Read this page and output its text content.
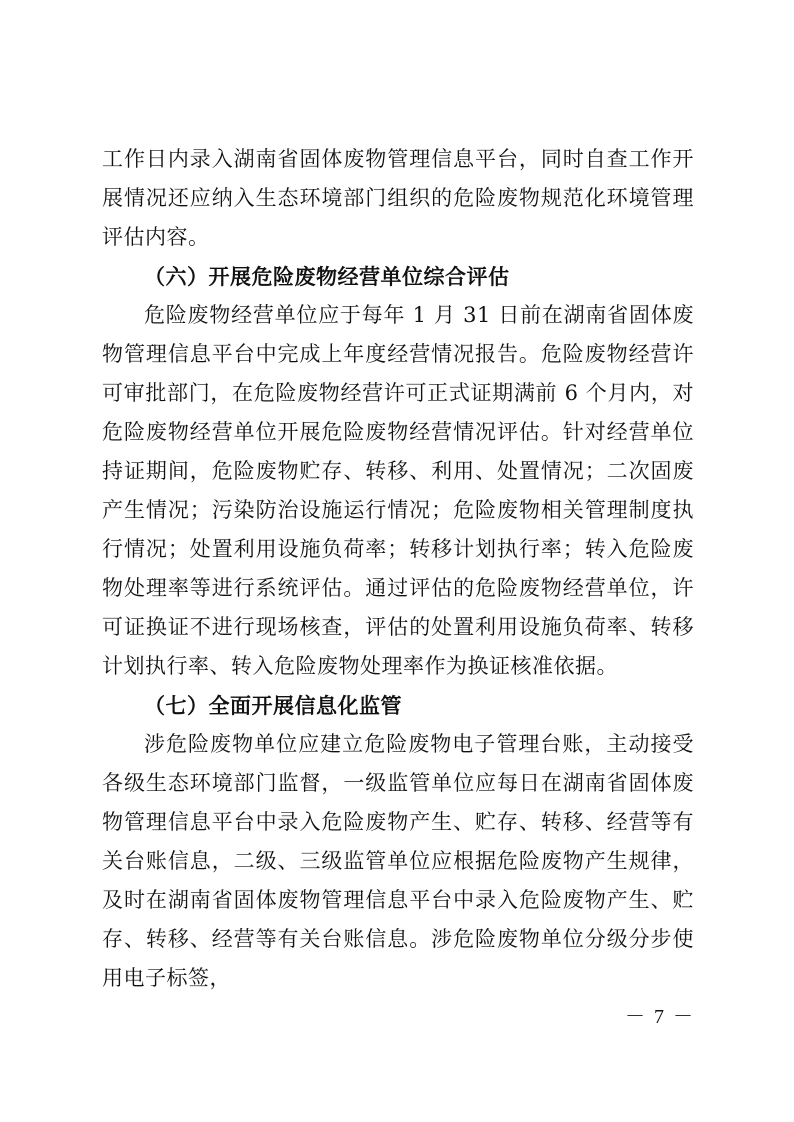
工作日内录入湖南省固体废物管理信息平台，同时自查工作开展情况还应纳入生态环境部门组织的危险废物规范化环境管理评估内容。

（六）开展危险废物经营单位综合评估

危险废物经营单位应于每年 1 月 31 日前在湖南省固体废物管理信息平台中完成上年度经营情况报告。危险废物经营许可审批部门，在危险废物经营许可正式证期满前 6 个月内，对危险废物经营单位开展危险废物经营情况评估。针对经营单位持证期间，危险废物贮存、转移、利用、处置情况；二次固废产生情况；污染防治设施运行情况；危险废物相关管理制度执行情况；处置利用设施负荷率；转移计划执行率；转入危险废物处理率等进行系统评估。通过评估的危险废物经营单位，许可证换证不进行现场核查，评估的处置利用设施负荷率、转移计划执行率、转入危险废物处理率作为换证核准依据。

（七）全面开展信息化监管

涉危险废物单位应建立危险废物电子管理台账，主动接受各级生态环境部门监督，一级监管单位应每日在湖南省固体废物管理信息平台中录入危险废物产生、贮存、转移、经营等有关台账信息，二级、三级监管单位应根据危险废物产生规律，及时在湖南省固体废物管理信息平台中录入危险废物产生、贮存、转移、经营等有关台账信息。涉危险废物单位分级分步使用电子标签，

－ 7 －
